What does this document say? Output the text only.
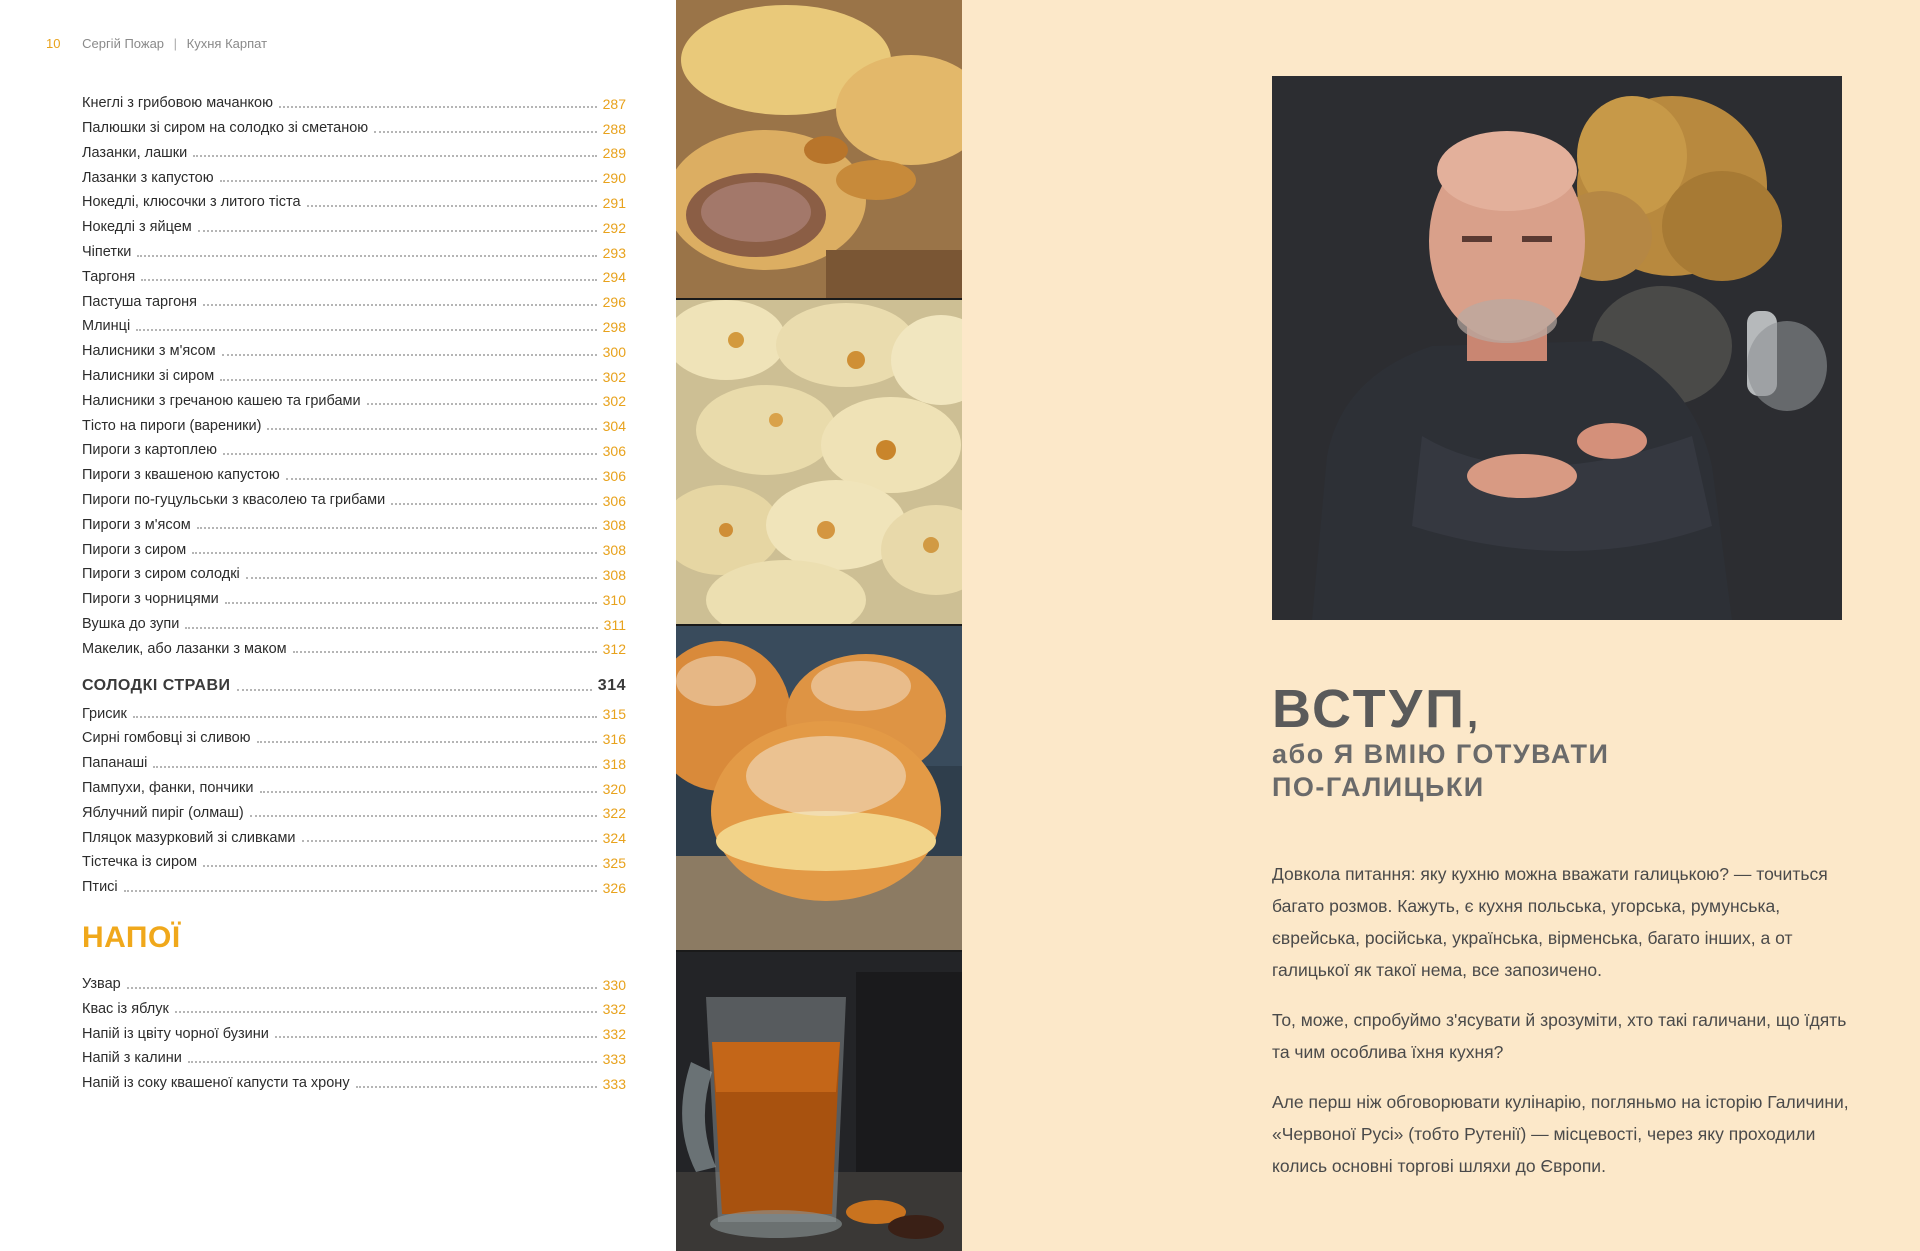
10 Сергій Пожар | Кухня Карпат
Кнеглі з грибовою мачанкою	287
Палюшки зі сиром на солодко зі сметаною	288
Лазанки, лашки	289
Лазанки з капустою	290
Нокедлі, клюсочки з литого тіста	291
Нокедлі з яйцем	292
Чіпетки	293
Таргоня	294
Пастуша таргоня	296
Млинці	298
Налисники з м'ясом	300
Налисники зі сиром	302
Налисники з гречаною кашею та грибами	302
Тісто на пироги (вареники)	304
Пироги з картоплею	306
Пироги з квашеною капустою	306
Пироги по-гуцульськи з квасолею та грибами	306
Пироги з м'ясом	308
Пироги з сиром	308
Пироги з сиром солодкі	308
Пироги з чорницями	310
Вушка до зупи	311
Макелик, або лазанки з маком	312
СОЛОДКІ СТРАВИ	314
Грисик	315
Сирні гомбовці зі сливою	316
Папанаші	318
Пампухи, фанки, пончики	320
Яблучний пиріг (олмаш)	322
Пляцок мазурковий зі сливками	324
Тістечка із сиром	325
Птисі	326
НАПОЇ
Узвар	330
Квас із яблук	332
Напій із цвіту чорної бузини	332
Напій з калини	333
Напій із соку квашеної капусти та хрону	333
ВСТУП,
або Я ВМІЮ ГОТУВАТИ
ПО-ГАЛИЦЬКИ

Довкола питання: яку кухню можна вважати галицькою? — точиться багато розмов. Кажуть, є кухня польська, угорська, румунська, єврейська, російська, українська, вірменська, багато інших, а от галицької як такої нема, все запозичено.

То, може, спробуймо з'ясувати й зрозуміти, хто такі галичани, що їдять та чим особлива їхня кухня?

Але перш ніж обговорювати кулінарію, погляньмо на історію Галичини, «Червоної Русі» (тобто Рутенії) — місцевості, через яку проходили колись основні торгові шляхи до Європи.
